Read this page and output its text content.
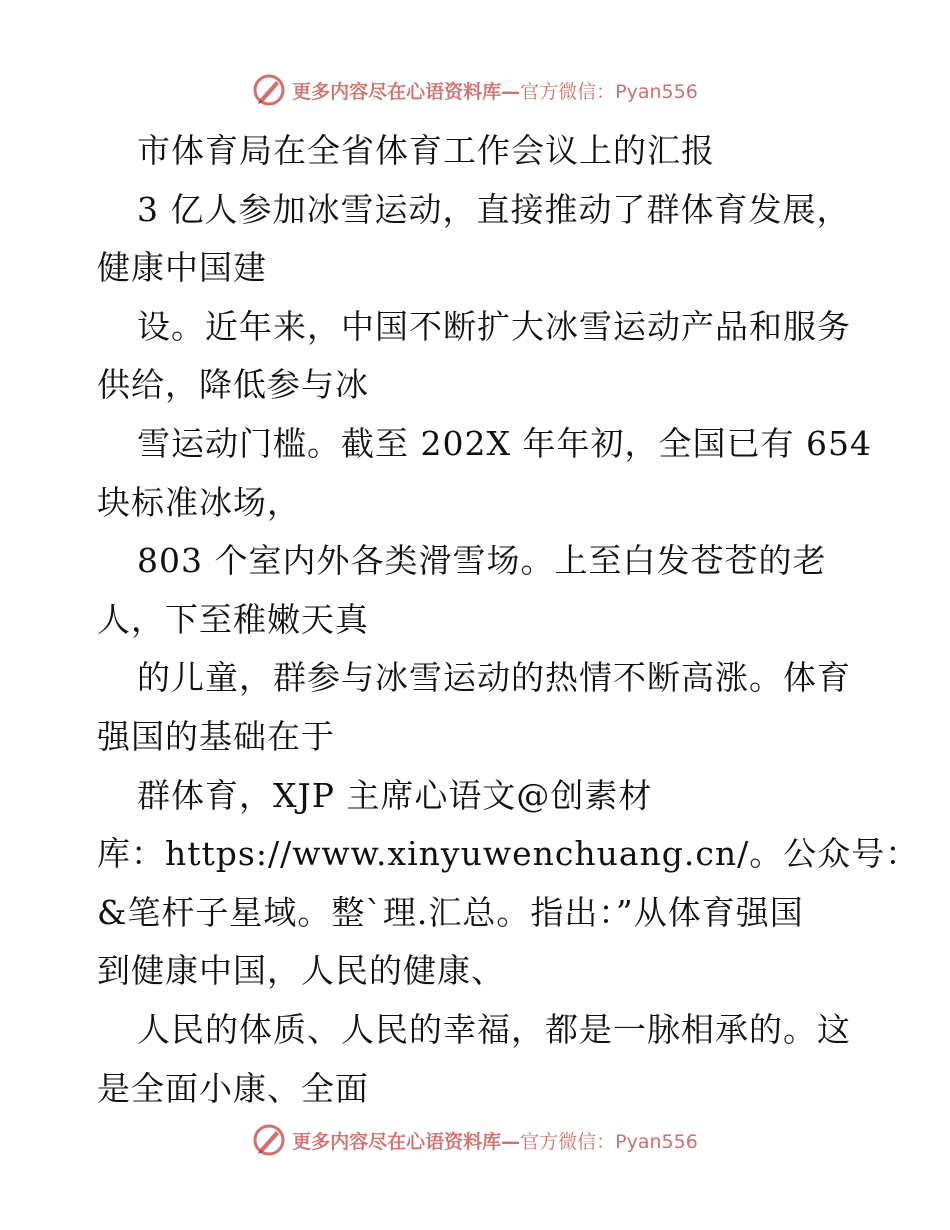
更多内容尽在心语资料库—官方微信：Pyan556
市体育局在全省体育工作会议上的汇报
3 亿人参加冰雪运动，直接推动了群体育发展，
健康中国建
设。近年来，中国不断扩大冰雪运动产品和服务
供给，降低参与冰
雪运动门槛。截至 202X 年年初，全国已有 654
块标准冰场，
803 个室内外各类滑雪场。上至白发苍苍的老
人，下至稚嫩天真
的儿童，群参与冰雪运动的热情不断高涨。体育
强国的基础在于
群体育，XJP 主席心语文@创素材
库：https://www.xinyuwenchuang.cn/。公众号：
&笔杆子星域。整`理.汇总。指出：”从体育强国
到健康中国，人民的健康、
人民的体质、人民的幸福，都是一脉相承的。这
是全面小康、全面
更多内容尽在心语资料库—官方微信：Pyan556
